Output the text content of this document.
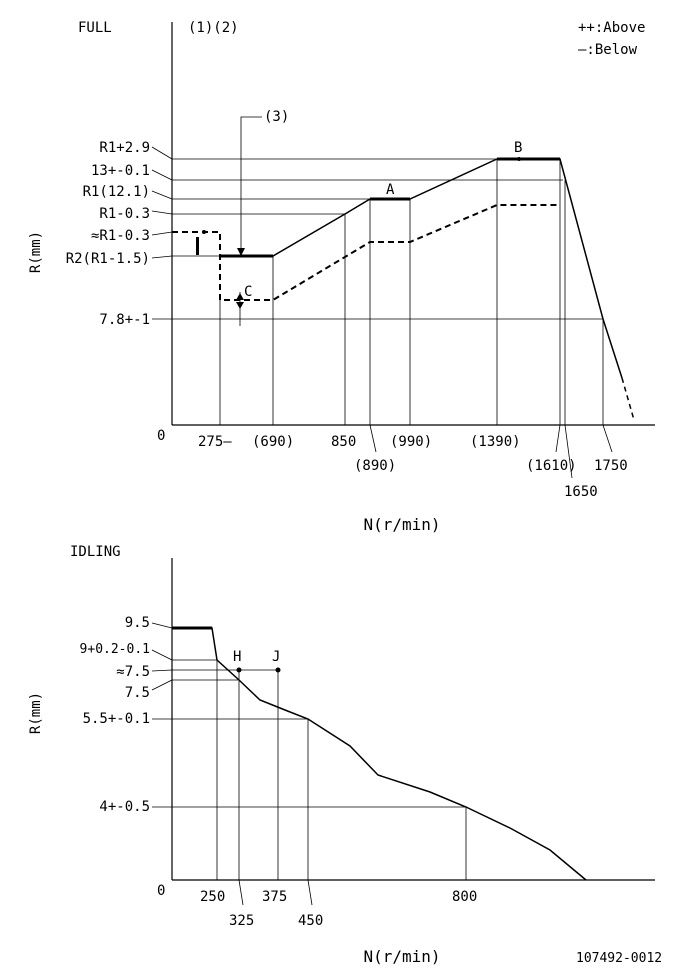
FULL	(1)(2)	++:Above
—:Below
0
R(mm)
N(r/min)
(3)
A
B
C
R1+2.9
13+-0.1
R1(12.1)
R1-0.3
≈R1-0.3
R2(R1-1.5)
7.8+-1
275— (690)	850
(890)
(990)	(1390)
(1610)
1650
1750
IDLING
0
R(mm)
N(r/min)
H J
9.5
9+0.2-0.1
≈7.5
7.5
5.5+-0.1
4+-0.5
250
325
375
450
800
107492-0012
